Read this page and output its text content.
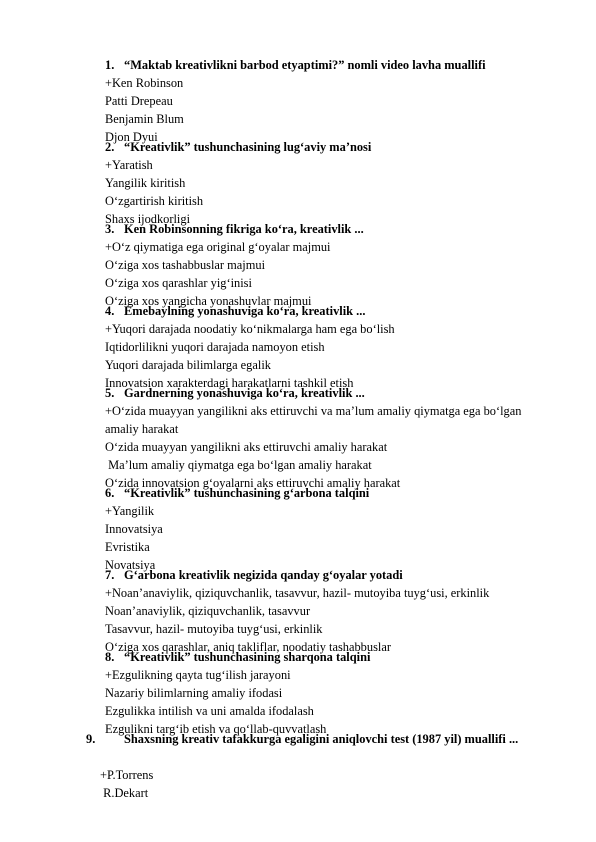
1. “Maktab kreativlikni barbod etyaptimi?” nomli video lavha muallifi
+Ken Robinson
Patti Drepeau
Benjamin Blum
Djon Dyui
2. “Kreativlik” tushunchasining lug‘aviy ma’nosi
+Yaratish
Yangilik kiritish
O‘zgartirish kiritish
Shaxs ijodkorligi
3. Ken Robinsonning fikriga ko‘ra, kreativlik ...
+O‘z qiymatiga ega original g‘oyalar majmui
O‘ziga xos tashabbuslar majmui
O‘ziga xos qarashlar yig‘inisi
O‘ziga xos yangicha yonashuvlar majmui
4. Emebaylning yonashuviga ko‘ra, kreativlik ...
+Yuqori darajada noodatiy ko‘nikmalarga ham ega bo‘lish
Iqtidorlilikni yuqori darajada namoyon etish
Yuqori darajada bilimlarga egalik
Innovatsion xarakterdagi harakatlarni tashkil etish
5. Gardnerning yonashuviga ko‘ra, kreativlik ...
+O‘zida muayyan yangilikni aks ettiruvchi va ma’lum amaliy qiymatga ega bo‘lgan amaliy harakat
O‘zida muayyan yangilikni aks ettiruvchi amaliy harakat
Ma’lum amaliy qiymatga ega bo‘lgan amaliy harakat
O‘zida innovatsion g‘oyalarni aks ettiruvchi amaliy harakat
6. “Kreativlik” tushunchasining g‘arbona talqini
+Yangilik
Innovatsiya
Evristika
Novatsiya
7. G‘arbona kreativlik negizida qanday g‘oyalar yotadi
+Noan’anaviylik, qiziquvchanlik, tasavvur, hazil- mutoyiba tuyg‘usi, erkinlik
Noan’anaviylik, qiziquvchanlik, tasavvur
Tasavvur, hazil- mutoyiba tuyg‘usi, erkinlik
O‘ziga xos qarashlar, aniq takliflar, noodatiy tashabbuslar
8. “Kreativlik” tushunchasining sharqona talqini
+Ezgulikning qayta tug‘ilish jarayoni
Nazariy bilimlarning amaliy ifodasi
Ezgulikka intilish va uni amalda ifodalash
Ezgulikni targ‘ib etish va qo‘llab-quvvatlash
9. Shaxsning kreativ tafakkurga egaligini aniqlovchi test (1987 yil) muallifi ...
+P.Torrens
R.Dekart
